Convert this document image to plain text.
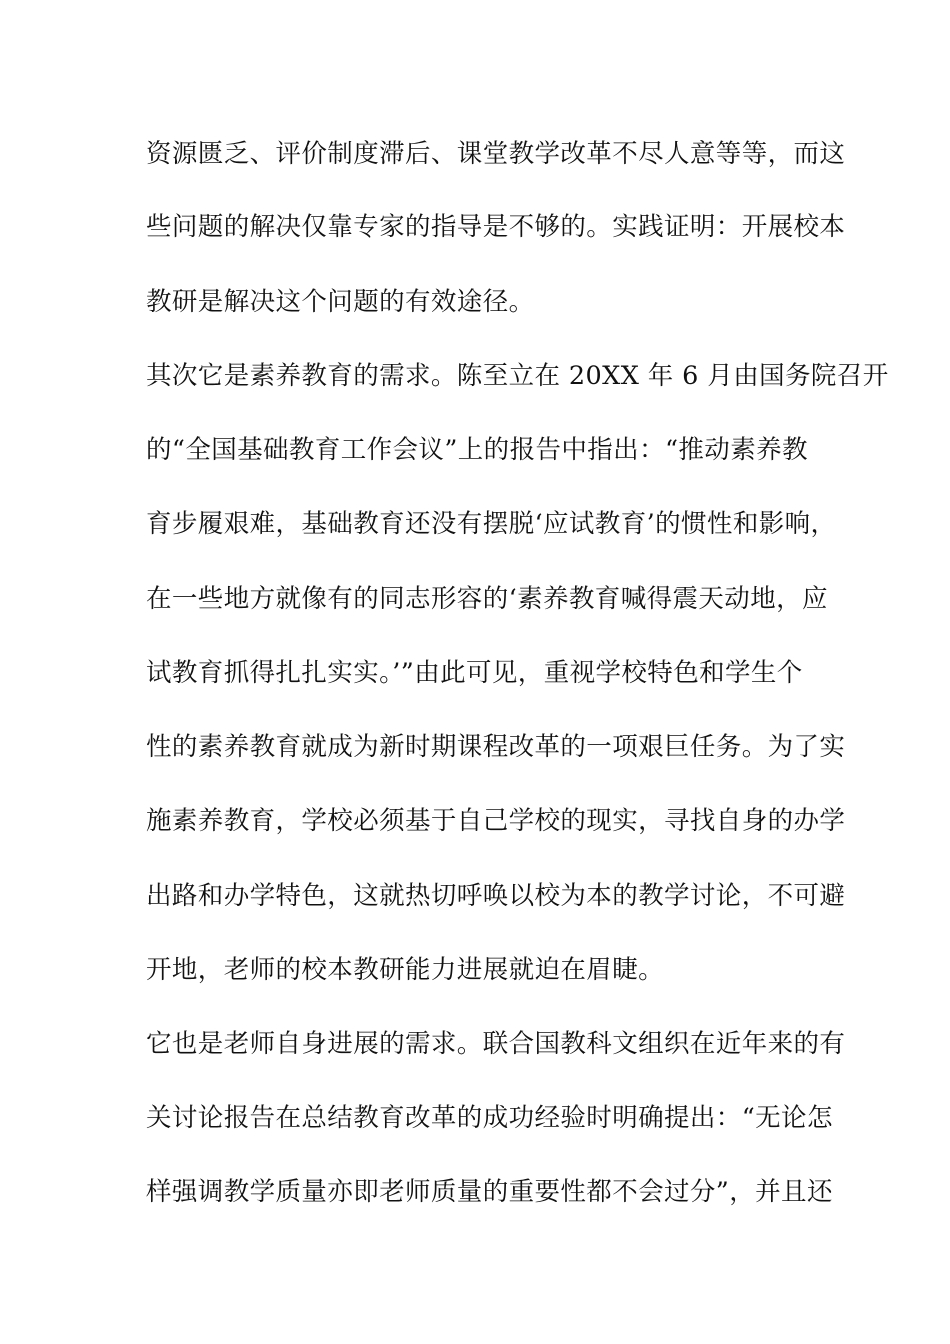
资源匮乏、评价制度滞后、课堂教学改革不尽人意等等，而这
些问题的解决仅靠专家的指导是不够的。实践证明：开展校本
教研是解决这个问题的有效途径。
其次它是素养教育的需求。陈至立在 20XX 年 6 月由国务院召开
的“全国基础教育工作会议”上的报告中指出：“推动素养教
育步履艰难，基础教育还没有摆脱‘应试教育’的惯性和影响，
在一些地方就像有的同志形容的‘素养教育喊得震天动地，应
试教育抓得扎扎实实。’”由此可见，重视学校特色和学生个
性的素养教育就成为新时期课程改革的一项艰巨任务。为了实
施素养教育，学校必须基于自己学校的现实，寻找自身的办学
出路和办学特色，这就热切呼唤以校为本的教学讨论，不可避
开地，老师的校本教研能力进展就迫在眉睫。
它也是老师自身进展的需求。联合国教科文组织在近年来的有
关讨论报告在总结教育改革的成功经验时明确提出：“无论怎
样强调教学质量亦即老师质量的重要性都不会过分”，并且还
